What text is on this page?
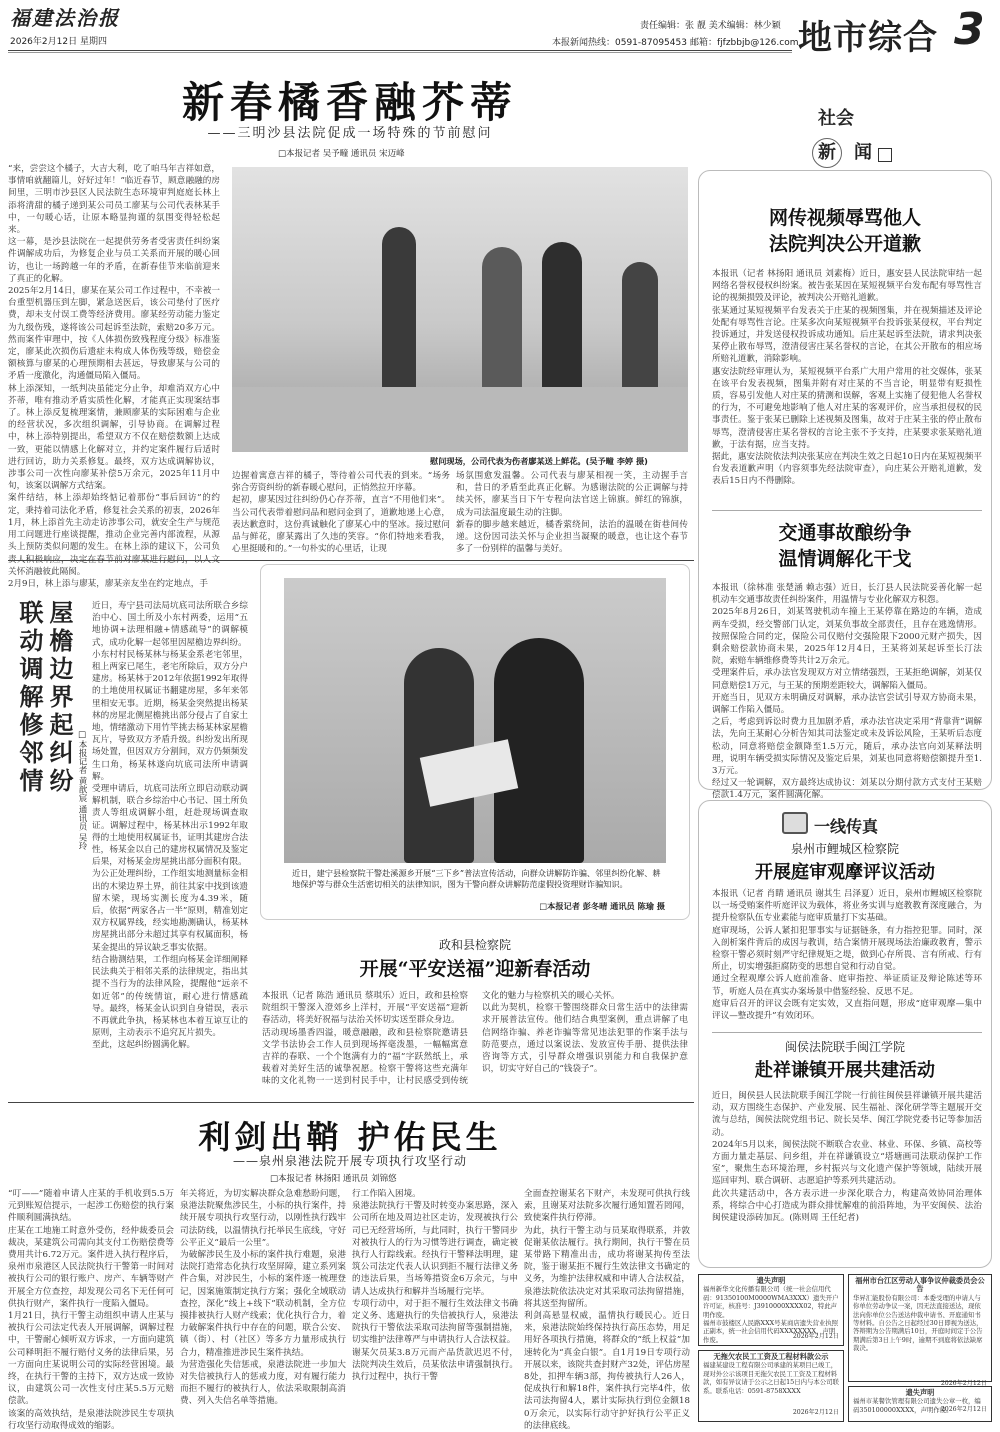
福建法治报
2026年2月12日 星期四
责任编辑：张 靓 美术编辑：林少颖
本报新闻热线：0591-87095453 邮箱：fjfzbbjb@126.com 地市综合 3
新春橘香融芥蒂
——三明沙县法院促成一场特殊的节前慰问
□本报记者 吴予疃 通讯员 宋迈峰
“来，尝尝这个橘子，大吉大利，吃了咱马年吉祥如意，事情咱就翻篇儿，好好过年！”临近春节，顾意融融的房间里，三明市沙县区人民法院生态环境审判庭庭长林上添将清甜的橘子递到某公司员工廖某与公司代表林某手中，一句暖心话，让原本略显拘谨的氛围变得轻松起来。
这一幕，是沙县法院在一起提供劳务者受害责任纠纷案件调解成功后，为修复企业与员工关系而开展的暖心回访，也让一场跨越一年的矛盾，在新春佳节来临前迎来了真正的化解。
2025年2月14日，廖某在某公司工作过程中，不幸被一台重型机器压到左脚，紧急送医后，该公司垫付了医疗费，却未支付误工费等经济费用。廖某经劳动能力鉴定为九级伤残，遂将该公司起诉至法院，索赔20多万元。然而案件审理中，按《人体损伤致残程度分级》标准鉴定，廖某此次损伤后遗症未构成人体伤残等级，赔偿金额核算与廖某的心理预期相去甚远，导致廖某与公司的矛盾一度激化，沟通僵局陷入僵局。
林上添深知，一纸判决虽能定分止争，却难消双方心中芥蒂，唯有推动矛盾实质性化解，才能真正实现案结事了。林上添反复梳理案情，兼顾廖某的实际困难与企业的经营状况，多次组织调解，引导协商。在调解过程中，林上添特别提出，希望双方不仅在赔偿数额上达成一致，更能以情感上化解对立，并约定案件履行后适时进行回访，助力关系修复。最终，双方达成调解协议，涉事公司一次性向廖某补偿5万余元，2025年11月中旬，该案以调解方式结案。
案件结结，林上添却始终惦记着那份“事后回访”的约定，秉持着司法化矛盾，修复社会关系的初衷，2026年1月，林上添首先主动走访涉事公司，就安全生产与规范用工问题进行座谈提醒，推动企业完善内部流程，从源头上预防类似问题的发生。在林上添的建议下，公司负 关怀消融彼此隔阂。
2月9日，林上添与廖某，廖某亲友坐在约定地点，手
慰问现场，公司代表为伤者廖某送上鲜花。(吴予疃 李婷 摄)
边握着寓意吉祥的橘子，等待着公司代表的到来。“场务弥合劳资纠纷的新春暖心慰问，正悄然拉开序幕。
起初，廖某因过往纠纷仍心存芥蒂，直言“不用他们来”。当公司代表带着慰问品和慰问金到了，道歉地递上心意，表达歉意时，这份真诚触化了廖某心中的坚冰。接过慰问品与鲜花，廖某露出了久违的笑容。“你们特地来看我，心里挺暖和的。”一句朴实的心里话，让现
场氛围愈发温馨。公司代表与廖某相视一笑，主动握手言和，昔日的矛盾至此真正化解。为感谢法院的公正调解与持续关怀，廖某当日下午专程向法官送上锦旗。鲜红的锦旗，成为司法温度最生动的注脚。
新春的脚步越来越近，橘香萦绕间，法治的温暖在街巷间传递。这份因司法关怀与企业担当凝聚的暖意，也让这个春节多了一份别样的温馨与美好。
社会
新	闻
网传视频辱骂他人
法院判决公开道歉
本报讯（记者 林扬阳 通讯员 刘素梅）近日，惠安县人民法院审结一起网络名誉权侵权纠纷案。被告张某因在某短视频平台发布配有辱骂性言论的视频损毁及评论，被判决公开赔礼道歉。
张某通过某短视频平台发表关于庄某的视频图集，并在视频描述及评论处配有辱骂性言论。庄某多次向某短视频平台投诉张某侵权，平台判定投诉通过，并发送侵权投诉成功通知。后庄某起诉至法院，请求判决张某停止散布辱骂，澄清侵害庄某名誉权的言论，在其公开散布的相应场所赔礼道歉，消除影响。
惠安法院经审理认为，某短视频平台系广大用户常用的社交媒体，张某在该平台发表视频，图集并附有对庄某的不当言论，明显带有贬损性质，容易引发他人对庄某的猜测和误解，客观上实施了侵犯他人名誉权的行为，不可避免地影响了他人对庄某的客观评价，应当承担侵权的民事责任。鉴于张某已删除上述视频及图集，故对于庄某主张的停止散布辱骂，澄清侵害庄某名誉权的言论主张不予支持，庄某要求张某赔礼道歉，于法有据，应当支持。
据此，惠安法院依法判决张某应在判决生效之日起10日内在某短视频平台发表道歉声明（内容须事先经法院审查），向庄某公开赔礼道歉，发表后15日内不得删除。
交通事故酿纷争
温情调解化干戈
本报讯（徐林准 张楚涵 赖志强）近日，长汀县人民法院妥善化解一起机动车交通事故责任纠纷案件，用温情与专业化解双方积怨。
2025年8月26日，刘某驾驶机动车撞上王某停靠在路边的车辆，造成两车受损，经交警部门认定，刘某负事故全部责任，且存在逃逸情形。按照保险合同约定，保险公司仅赔付交强险限下2000元财产损失，因剩余赔偿款协商未果，2025年12月4日，王某将刘某起诉至长汀法院，索赔车辆维修费等共计2万余元。
受理案件后，承办法官发现双方对立情绪强烈，王某拒绝调解，刘某仅同意赔偿1万元，与王某的预期差距较大，调解陷入僵局。
开庭当日，见双方未明确反对调解，承办法官尝试引导双方协商未果，调解工作陷入僵局。
之后，考虑到诉讼时费力且加剧矛盾，承办法官决定采用“背靠背”调解法，先向王某耐心分析告知其司法鉴定或未及诉讼风险，王某听后态度松动，同意将赔偿金额降至1.5万元，随后，承办法官向刘某释法明理，说明车辆受损实际情况及鉴定后果，刘某也同意将赔偿额提升至1.3万元。
经过又一轮调解，双方最终达成协议：刘某以分期付款方式支付王某赔偿款1.4万元，案件圆满化解。
一线传真
泉州市鲤城区检察院
开展庭审观摩评议活动
本报讯（记者 肖睛 通讯员 谢其生 吕泽夏）近日，泉州市鲤城区检察院以一场受贿案件听庭评议为载体，将业务实训与庭教教育深度融合，为提升检察队伍专业素能与庭审质量打下实基础。
庭审现场，公诉人紧扣犯罪事实与证据链条，有力指控犯罪。同时，深入剖析案件背后的成因与教训，结合案情开展现场法治廉政教育，警示检察干警必须时刻严守纪律规矩之堤，做到心存所畏、言有所戒、行有所止，切实增强拒腐防变的思想自觉和行动自觉。
通过全程观摩公诉人庭前准备、庭审指控、举证质证及辩论陈述等环节，听庭人员在真实办案场景中借鉴经验、反思不足。
庭审后召开的评议会既有定实效，又直指问题，形成“庭审观摩—集中评议—整改提升”有效闭环。
闽侯法院联手闽江学院
赴祥谦镇开展共建活动
近日，闽侯县人民法院联手闽江学院一行前往闽侯县祥谦镇开展共建活动，双方围绕生态保护、产业发展、民生福祉、深化研学等主题展开交流与总结，闽侯法院党组书记、院长吴华、闽江学院党委书记等参加活动。
2024年5月以来，闽侯法院不断联合农业、林业、环保、乡镇、高校等方面力量走基层、问乡组，并在祥谦镇设立“塔塘画司法联动保护工作室”，聚焦生态环境治理，乡村振兴与文化遗产保护等领域，陆续开展巡回审判、联合调研、志愿追护等系列共建活动。
此次共建活动中，各方表示进一步深化联合力，构建高效协同治理体系，将综合中心打造成为群众排忧解难的前沿阵地，为平安闽侯、法治闽侯建设添砖加瓦。(陈则周 王任纪者)
屋檐边界起纠纷
联动调解修邻情	□本报记者 黄歆宸 通讯员 吴玲
近日，寿宁县司法局坑底司法所联合乡综治中心、国土所及小东村两委，运用“五地协调+法理相融+情感疏导”的调解模式，成功化解一起邻里因屋檐边界纠纷。
小东村村民杨某林与杨某金系老宅邻里，租上两家已尾生，老宅所除后，双方分户建房。杨某林于2012年依据1992年取得的土地使用权属证书翻建房屋，多年来邻里相安无事。近期，杨某金突然提出杨某林的房屋北侧屋檐挑出部分侵占了自家土地，情绪激动下用竹竿挑去杨某林家屋檐瓦片，导致双方矛盾升级。纠纷发出所现场处置，但因双方分割间，双方仍频频发生口角，杨某林遂向坑底司法所申请调解。
受理申请后，坑底司法所立即启动联动调解机制，联合乡综治中心书记、国土所负责人等组成调解小组，赶赴现场调查取证。调解过程中，杨某林出示1992年取得的土地使用权属证书，证明其建房合法性，杨某金以自己的建房权属情况及鉴定后果，对杨某金房屋挑出部分面积有限。
为公正处理纠纷，工作组实地测量标金相出的木梁边界土界，前往其家中找到该遗留木梁，现场实测长度为4.39米，随后，依据“两家各占一半”原则，精准划定双方权属界线，经实地勘测确认，杨某林房屋挑出部分未超过其享有权属面积，杨某金提出的异议缺乏事实依据。
结合勘测结果，工作组向杨某金详细阐释民法典关于相邻关系的法律规定，指出其提不当行为的法律风险，提醒他“远亲不如近邻”的传统情谊，耐心进行情感疏导。最终，杨某金认识到自身错误，表示不再就此争执，杨某林也本着互谅互让的原则，主动表示不追究瓦片损失。
至此，这起纠纷圆满化解。
近日，建宁县检察院干警赴溪源乡开展“三下乡”普法宣传活动，向群众讲解防诈骗、邻里纠纷化解、耕地保护等与群众生活密切相关的法律知识，图为干警向群众讲解防范虚假投资理财诈骗知识。
□本报记者 彭冬晴 通讯员 陈瑜 摄
政和县检察院
开展“平安送福”迎新春活动
本报讯（记者 陈浩 通讯员 蔡琪乐）近日，政和县检察院组织干警深入澄郊乡上洋村，开展“平安送福”迎新春活动，将美好祝福与法治关怀切实送至群众身边。
活动现场墨香四溢，暖意融融，政和县检察院邀请县文学书法协会工作人员到现场挥毫泼墨，一幅幅寓意吉祥的春联、一个个饱满有力的“福”字跃然纸上，承载着对美好生活的诚挚祝愿。检察干警将这些充满年味的文化礼物一一送到村民手中，让村民感受到传统文化的魅力与检察机关的暖心关怀。
以此为契机，检察干警围绕群众日常生活中的法律需求开展普法宣传。他们结合典型案例，重点讲解了电信网络诈骗、养老诈骗等常见违法犯罪的作案手法与防范要点，通过以案说法、发放宣传手册、提供法律咨询等方式，引导群众增强识别能力和自我保护意识，切实守好自己的“钱袋子”。
利剑出鞘 护佑民生
——泉州泉港法院开展专项执行攻坚行动
□本报记者 林扬阳 通讯员 刘锦悠
“叮——”随着申请人庄某的手机收到5.5万元到账短信提示，一起涉工伤赔偿的执行案件顺利圆满执结。
庄某在工地施工时意外受伤，经仲裁委员会裁决，某建筑公司需向其支付工伤赔偿费等费用共计6.72万元。案件进入执行程序后，泉州市泉港区人民法院执行干警第一时间对被执行公司的银行账户、房产、车辆等财产开展全方位查控，却发现公司名下无任何可供执行财产，案件执行一度陷入僵局。
1月21日，执行干警主动组织申请人庄某与被执行公司法定代表人开展调解，调解过程中，干警耐心倾听双方诉求，一方面向建筑公司释明拒不履行赔付义务的法律后果，另一方面向庄某说明公司的实际经营困境。最终，在执行干警的主持下，双方达成一致协议，由建筑公司一次性支付庄某5.5万元赔偿款。
该案的高效执结，是泉港法院涉民生专项执行攻坚行动取得成效的缩影。
年关将近，为切实解决群众急难愁盼问题，泉港法院聚焦涉民生，小标的执行案件，持续开展专项执行攻坚行动，以刚性执行践牢司法防线，以温情执行托举民生底线，守好公平正义“最后一公里”。
为破解涉民生及小标的案件执行难题，泉港法院打造常态化执行攻坚屏障，建立系列案件合集，对涉民生，小标的案件逐一梳理登记，因案施策制定执行方案；强化全域联动查控，深化“线上+线下”联动机制，全方位摸排被执行人财产线索；优化执行合力，着力破解案件执行中存在的问题，联合公安、镇（街）、村（社区）等多方力量形成执行合力，精准推进涉民生案件执结。
为营造强化失信惩戒，泉港法院进一步加大对失信被执行人的惩戒力度，对有履行能力而拒不履行的被执行人，依法采取限制高消费、列入失信名单等措施。
行工作陷入困境。
泉港法院执行干警及时转变办案思路，深入公司所在地及周边社区走访，发现被执行公司已无经营场所，与此同时，执行干警同步对被执行人的行为习惯等进行调查，确定被执行人行踪线索。经执行干警释法明理，建筑公司法定代表人认识到拒不履行法律义务的违法后果，当场筹措资金6万余元，与申请人达成执行和解并当场履行完毕。
专项行动中，对于拒不履行生效法律文书确定义务、逃避执行的失信被执行人，泉港法院执行干警依法采取司法拘留等强制措施，切实维护法律尊严与申请执行人合法权益。
谢某欠员某3.8万元而产品货款迟迟不付，法院判决生效后，员某依法申请强制执行。执行过程中，执行干警
全面查控谢某名下财产，未发现可供执行线索，且谢某对法院多次履行通知置若罔闻，致使案件执行停滞。
为此，执行干警主动与员某取得联系，并敦促谢某依法履行。执行期间，执行干警在员某带路下精准出击，成功将谢某拘传至法院，鉴于谢某拒不履行生效法律文书确定的义务，为维护法律权威和申请人合法权益，泉港法院依法决定对其采取司法拘留措施，将其送至拘留所。
利剑高悬显权威，温情执行暖民心。近日来，泉港法院始终保持执行高压态势，用足用好各项执行措施，将群众的“纸上权益”加速转化为“真金白银”。自1月19日专项行动开展以来，该院共查封财产32处，评估房屋8处，扣押车辆3部，拘传被执行人26人，促成执行和解18件，案件执行完毕4件，依法司法拘留4人，累计实际执行到位金额180万余元，以实际行动守护好执行公平正义的法律底线。
遗失声明
福州新华文化传播有限公司（统一社会信用代码：91350100M0000WMA3XXX）遗失开户许可证，核准号：J3910000XXXX02，特此声明作废。
福州市鼓楼区人民路XXX号某商店遗失营业执照正副本，统一社会信用代码XXXXXXXX，声明作废。	2026年2月12日
无拖欠农民工工资及工程材料款公示
福建某建设工程有限公司承建的某项目已竣工，现对外公示该项目无拖欠农民工工资及工程材料款，如有异议请于公示之日起15日内与本公司联系。联系电话：0591-8758XXXX
2026年2月12日
福州市台江区劳动人事争议仲裁委员会公告
华昇汇能股份有限公司：本委受理的申请人与你单位劳动争议一案，因无法直接送达，现依法向你单位公告送达仲裁申请书、开庭通知书等材料。自公告之日起经过30日即视为送达，答辩期为公告期满后10日，开庭时间定于公告期满后第3日上午9时，逾期不到庭将依法缺席裁决。
2026年2月12日
遗失声明
福州市某餐饮管理有限公司遗失公章一枚，编码350100000XXXX，声明作废。
2026年2月12日
